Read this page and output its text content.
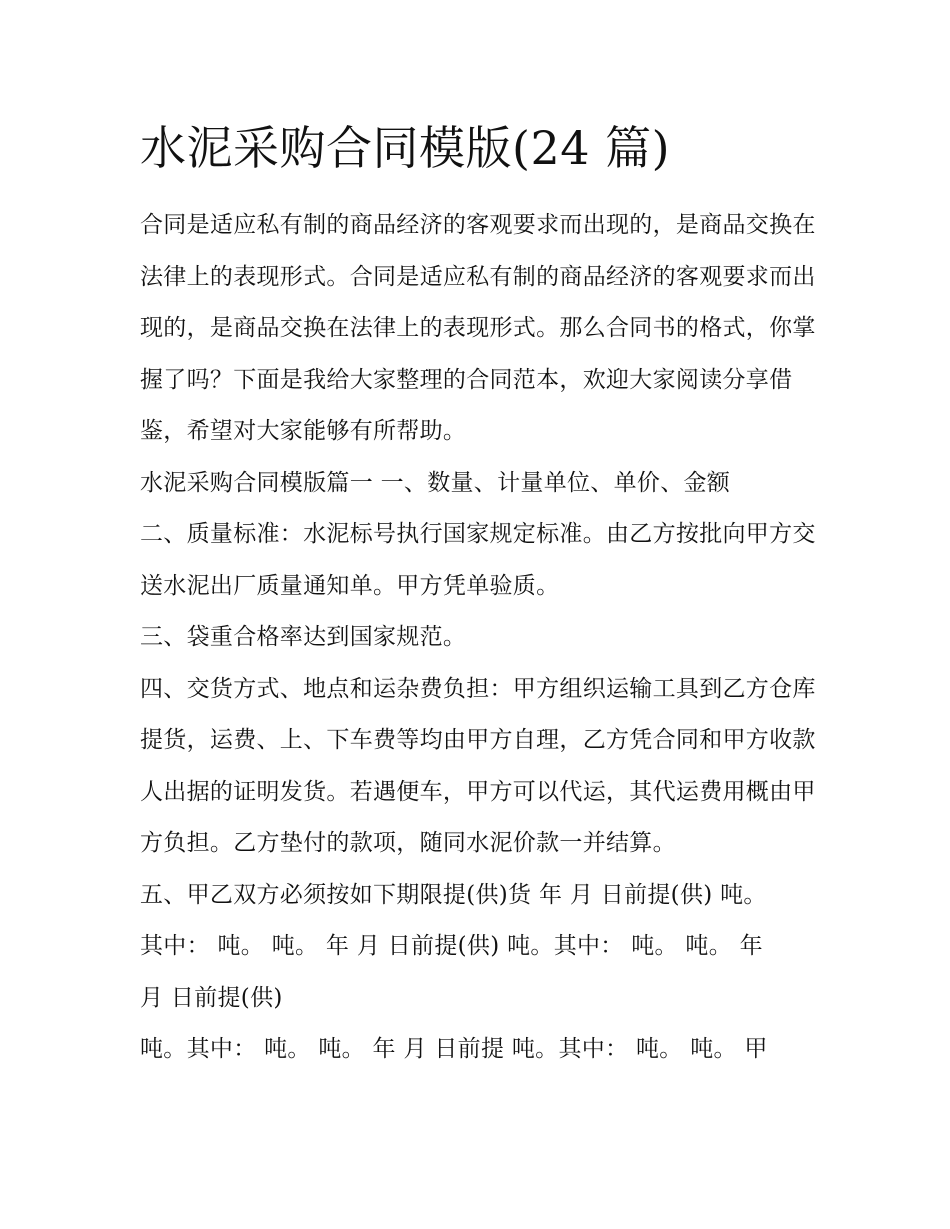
水泥采购合同模版(24 篇)

合同是适应私有制的商品经济的客观要求而出现的，是商品交换在法律上的表现形式。合同是适应私有制的商品经济的客观要求而出现的，是商品交换在法律上的表现形式。那么合同书的格式，你掌握了吗？下面是我给大家整理的合同范本，欢迎大家阅读分享借鉴，希望对大家能够有所帮助。

水泥采购合同模版篇一 一、数量、计量单位、单价、金额

二、质量标准：水泥标号执行国家规定标准。由乙方按批向甲方交送水泥出厂质量通知单。甲方凭单验质。

三、袋重合格率达到国家规范。

四、交货方式、地点和运杂费负担：甲方组织运输工具到乙方仓库提货，运费、上、下车费等均由甲方自理，乙方凭合同和甲方收款人出据的证明发货。若遇便车，甲方可以代运，其代运费用概由甲方负担。乙方垫付的款项，随同水泥价款一并结算。

五、甲乙双方必须按如下期限提(供)货 年 月 日前提(供) 吨。

其中： 吨。 吨。 年 月 日前提(供) 吨。其中： 吨。 吨。 年

月 日前提(供)

吨。其中： 吨。 吨。 年 月 日前提 吨。其中： 吨。 吨。 甲
